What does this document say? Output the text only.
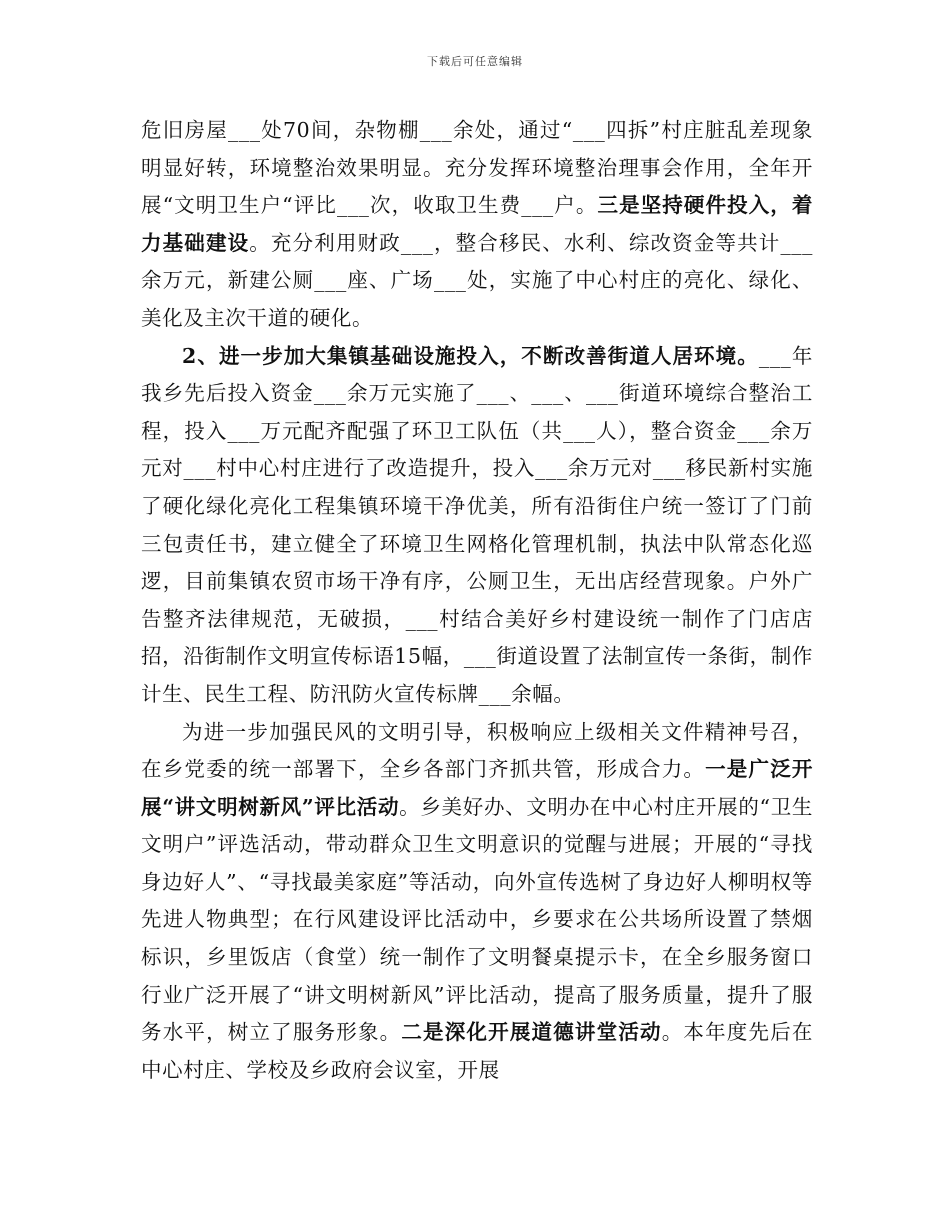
下载后可任意编辑

危旧房屋___处70间，杂物棚___余处，通过“___四拆”村庄脏乱差现象明显好转，环境整治效果明显。充分发挥环境整治理事会作用，全年开展“文明卫生户“评比___次，收取卫生费___户。三是坚持硬件投入，着力基础建设。充分利用财政___，整合移民、水利、综改资金等共计___余万元，新建公厕___座、广场___处，实施了中心村庄的亮化、绿化、美化及主次干道的硬化。

2、进一步加大集镇基础设施投入，不断改善街道人居环境。___年我乡先后投入资金___余万元实施了___、___、___街道环境综合整治工程，投入___万元配齐配强了环卫工队伍（共___人），整合资金___余万元对___村中心村庄进行了改造提升，投入___余万元对___移民新村实施了硬化绿化亮化工程集镇环境干净优美，所有沿街住户统一签订了门前三包责任书，建立健全了环境卫生网格化管理机制，执法中队常态化巡逻，目前集镇农贸市场干净有序，公厕卫生，无出店经营现象。户外广告整齐法律规范，无破损，___村结合美好乡村建设统一制作了门店店招，沿街制作文明宣传标语15幅，___街道设置了法制宣传一条街，制作计生、民生工程、防汛防火宣传标牌___余幅。

为进一步加强民风的文明引导，积极响应上级相关文件精神号召，在乡党委的统一部署下，全乡各部门齐抓共管，形成合力。一是广泛开展“讲文明树新风”评比活动。乡美好办、文明办在中心村庄开展的“卫生文明户”评选活动，带动群众卫生文明意识的觉醒与进展；开展的“寻找身边好人”、“寻找最美家庭”等活动，向外宣传选树了身边好人柳明权等先进人物典型；在行风建设评比活动中，乡要求在公共场所设置了禁烟标识，乡里饭店（食堂）统一制作了文明餐桌提示卡，在全乡服务窗口行业广泛开展了“讲文明树新风”评比活动，提高了服务质量，提升了服务水平，树立了服务形象。二是深化开展道德讲堂活动。本年度先后在中心村庄、学校及乡政府会议室，开展
